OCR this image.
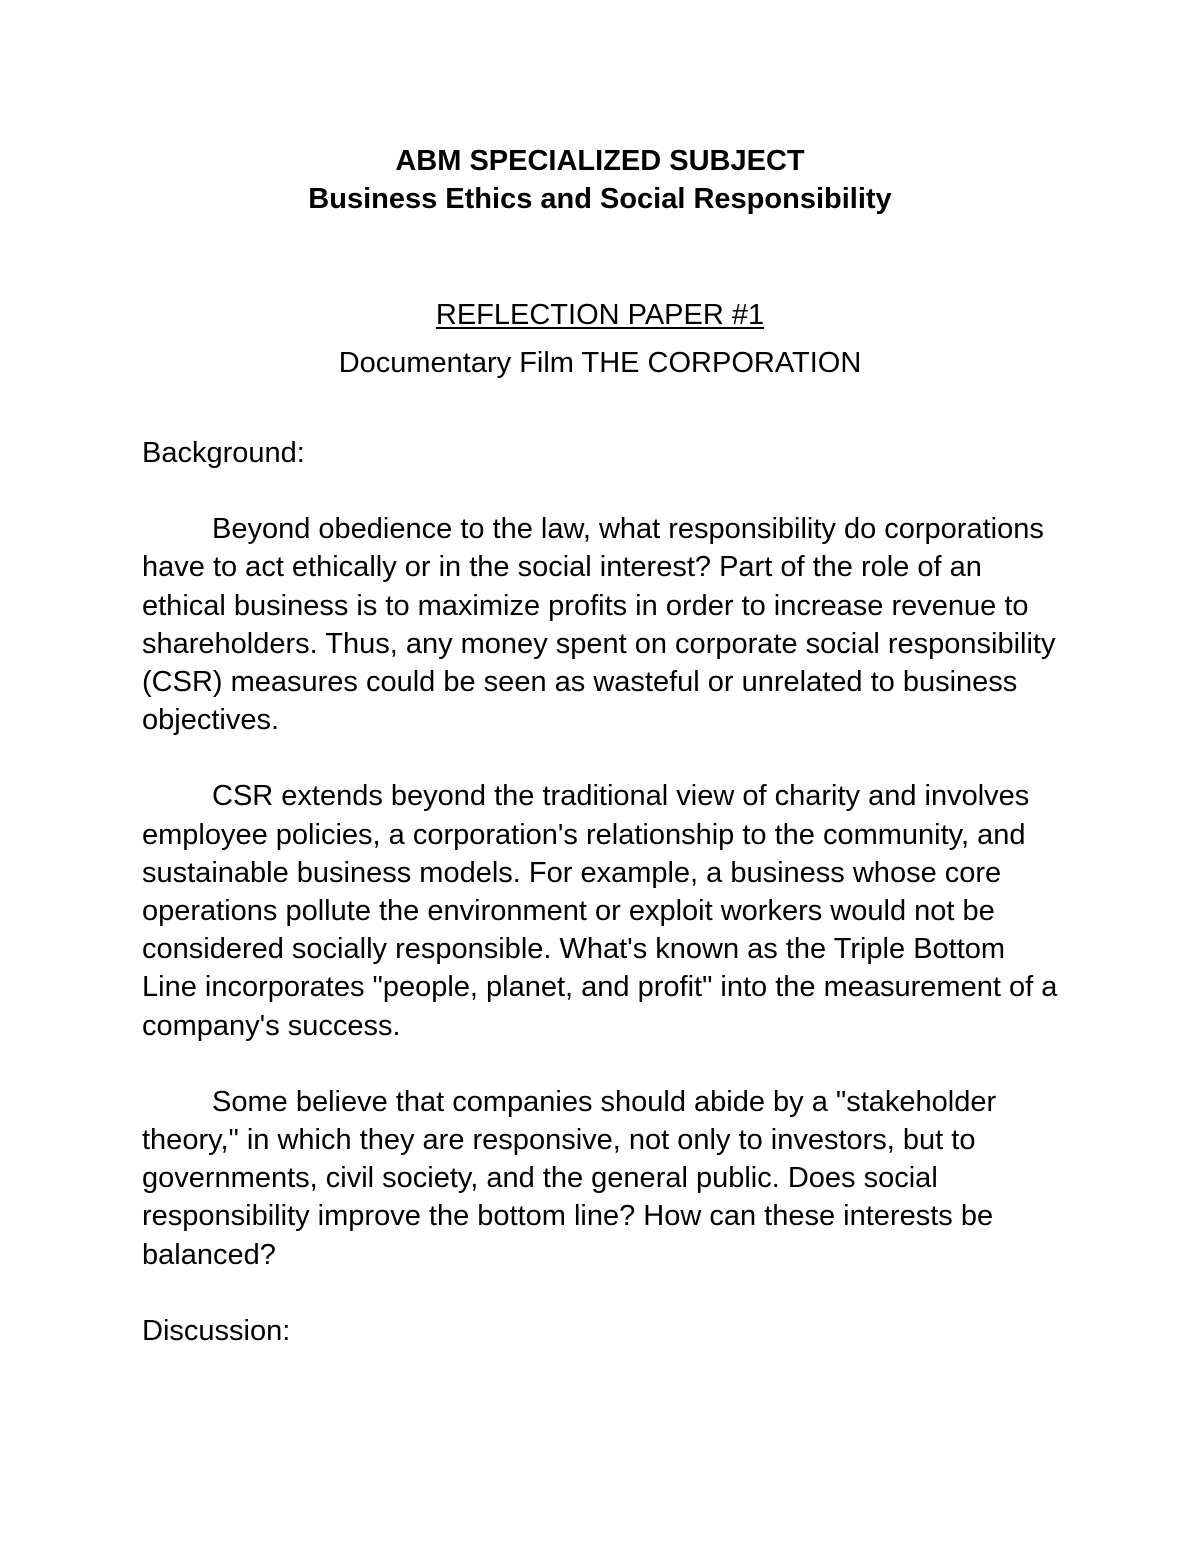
ABM SPECIALIZED SUBJECT

Business Ethics and Social Responsibility

REFLECTION PAPER #1

Documentary Film THE CORPORATION

Background:

Beyond obedience to the law, what responsibility do corporations have to act ethically or in the social interest? Part of the role of an ethical business is to maximize profits in order to increase revenue to shareholders. Thus, any money spent on corporate social responsibility (CSR) measures could be seen as wasteful or unrelated to business objectives.

CSR extends beyond the traditional view of charity and involves employee policies, a corporation's relationship to the community, and sustainable business models. For example, a business whose core operations pollute the environment or exploit workers would not be considered socially responsible. What's known as the Triple Bottom Line incorporates "people, planet, and profit" into the measurement of a company's success.

Some believe that companies should abide by a "stakeholder theory," in which they are responsive, not only to investors, but to governments, civil society, and the general public. Does social responsibility improve the bottom line? How can these interests be balanced?

Discussion:
